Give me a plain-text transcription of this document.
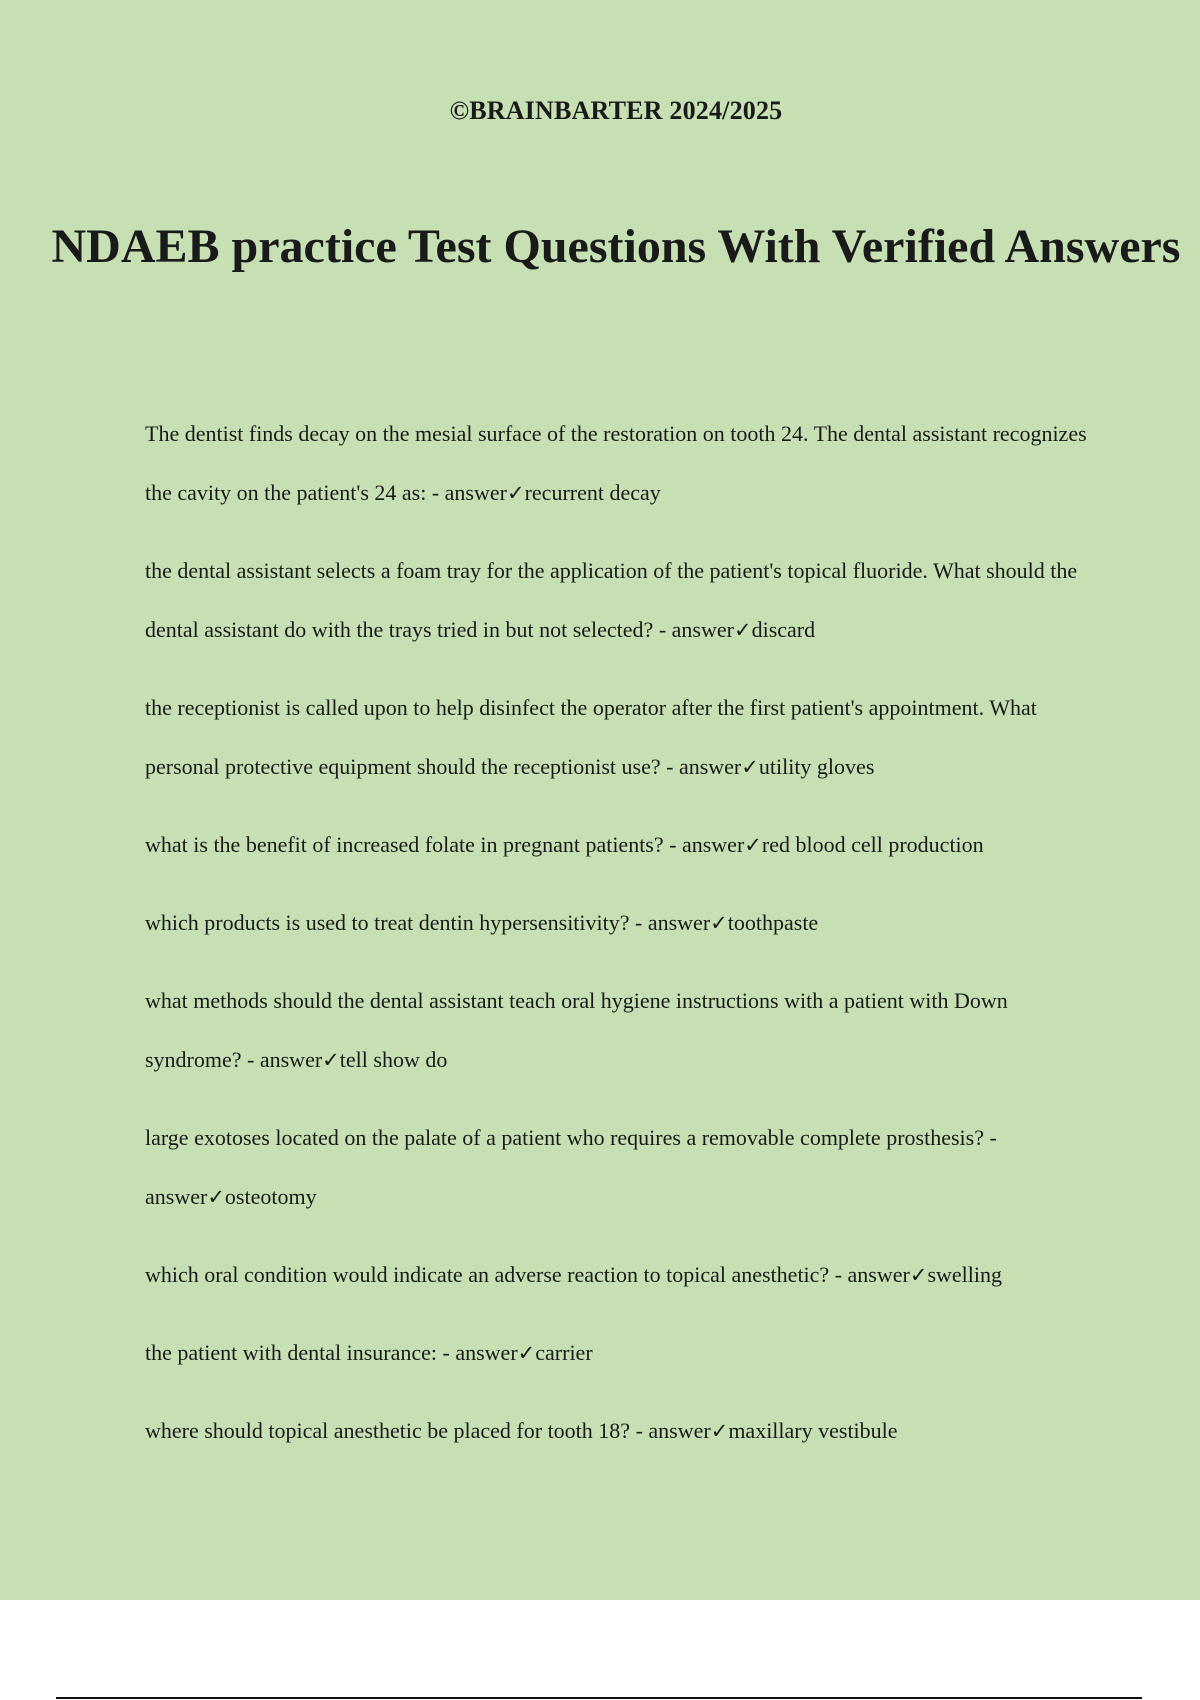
©BRAINBARTER 2024/2025
NDAEB practice Test Questions With Verified Answers
The dentist finds decay on the mesial surface of the restoration on tooth 24. The dental assistant recognizes the cavity on the patient's 24 as: - answer✓recurrent decay
the dental assistant selects a foam tray for the application of the patient's topical fluoride. What should the dental assistant do with the trays tried in but not selected? - answer✓discard
the receptionist is called upon to help disinfect the operator after the first patient's appointment. What personal protective equipment should the receptionist use? - answer✓utility gloves
what is the benefit of increased folate in pregnant patients? - answer✓red blood cell production
which products is used to treat dentin hypersensitivity? - answer✓toothpaste
what methods should the dental assistant teach oral hygiene instructions with a patient with Down syndrome? - answer✓tell show do
large exotoses located on the palate of a patient who requires a removable complete prosthesis? - answer✓osteotomy
which oral condition would indicate an adverse reaction to topical anesthetic? - answer✓swelling
the patient with dental insurance: - answer✓carrier
where should topical anesthetic be placed for tooth 18? - answer✓maxillary vestibule
